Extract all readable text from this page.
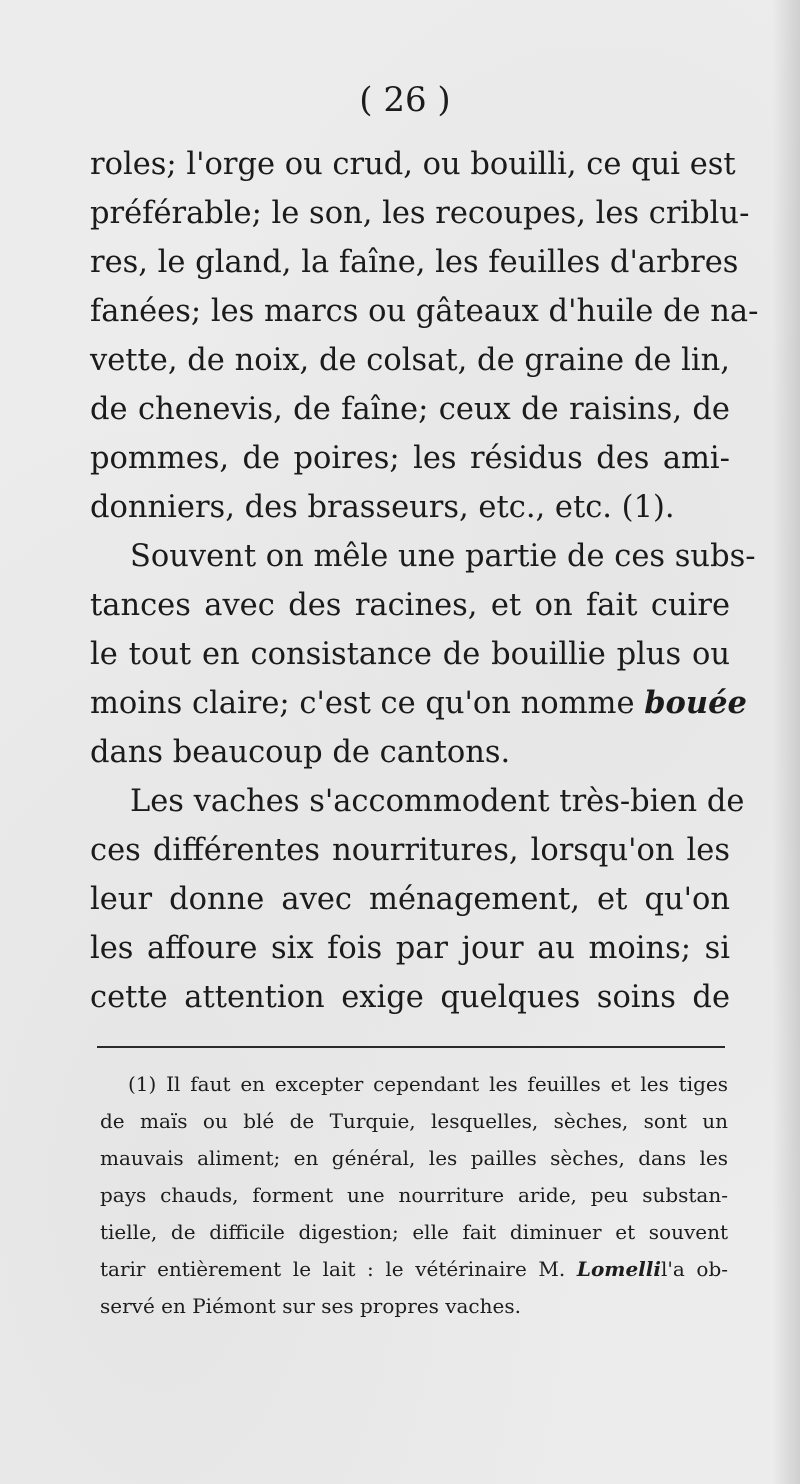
( 26 )
roles; l'orge ou crud, ou bouilli, ce qui est
préférable; le son, les recoupes, les criblu-
res, le gland, la faîne, les feuilles d'arbres
fanées; les marcs ou gâteaux d'huile de na-
vette, de noix, de colsat, de graine de lin,
de chenevis, de faîne; ceux de raisins, de
pommes, de poires; les résidus des ami-
donniers, des brasseurs, etc., etc. (1).
Souvent on mêle une partie de ces subs-
tances avec des racines, et on fait cuire
le tout en consistance de bouillie plus ou
moins claire; c'est ce qu'on nomme bouée
dans beaucoup de cantons.
Les vaches s'accommodent très-bien de
ces différentes nourritures, lorsqu'on les
leur donne avec ménagement, et qu'on
les affoure six fois par jour au moins; si
cette attention exige quelques soins de
(1) Il faut en excepter cependant les feuilles et les tiges
de maïs ou blé de Turquie, lesquelles, sèches, sont un
mauvais aliment; en général, les pailles sèches, dans les
pays chauds, forment une nourriture aride, peu substan-
tielle, de difficile digestion; elle fait diminuer et souvent
tarir entièrement le lait : le vétérinaire M. Lomellil'a ob-
servé en Piémont sur ses propres vaches.
